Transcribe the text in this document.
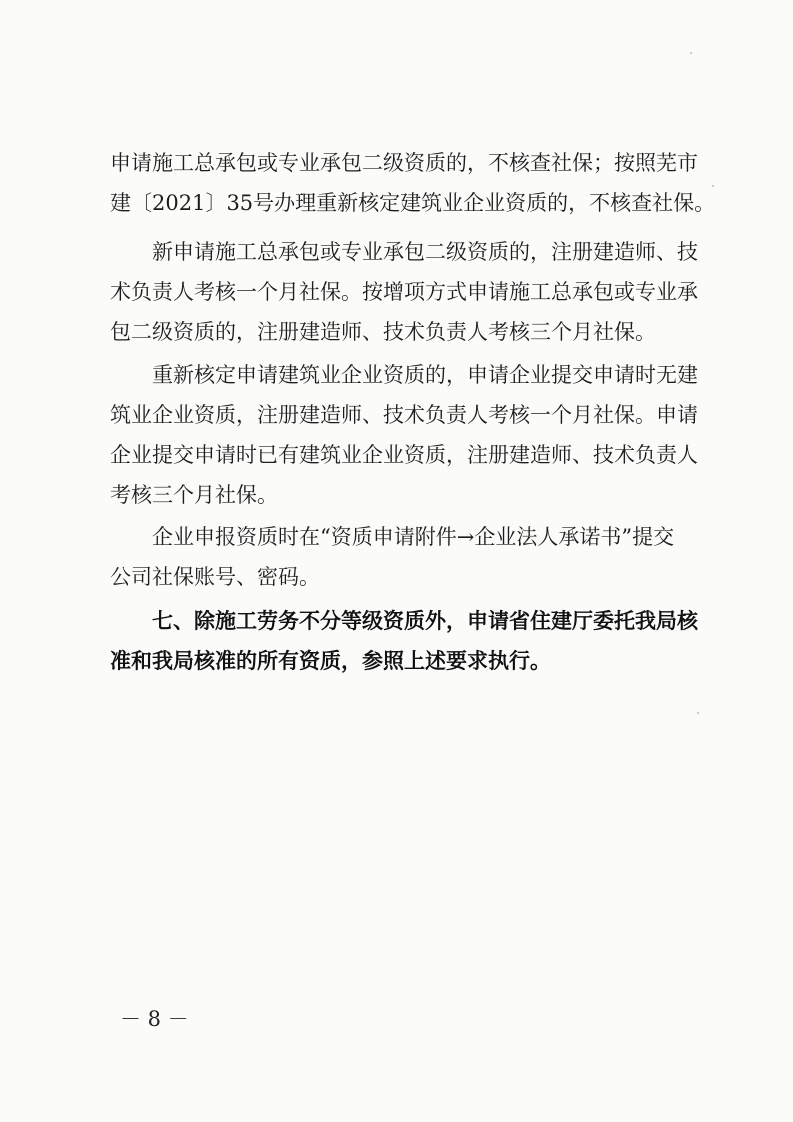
申请施工总承包或专业承包二级资质的，不核查社保；按照芜市
建〔2021〕35号办理重新核定建筑业企业资质的，不核查社保。
新申请施工总承包或专业承包二级资质的，注册建造师、技
术负责人考核一个月社保。按增项方式申请施工总承包或专业承
包二级资质的，注册建造师、技术负责人考核三个月社保。
重新核定申请建筑业企业资质的，申请企业提交申请时无建
筑业企业资质，注册建造师、技术负责人考核一个月社保。申请
企业提交申请时已有建筑业企业资质，注册建造师、技术负责人
考核三个月社保。
企业申报资质时在“资质申请附件→企业法人承诺书”提交
公司社保账号、密码。
七、除施工劳务不分等级资质外，申请省住建厅委托我局核
准和我局核准的所有资质，参照上述要求执行。
－ 8 －
